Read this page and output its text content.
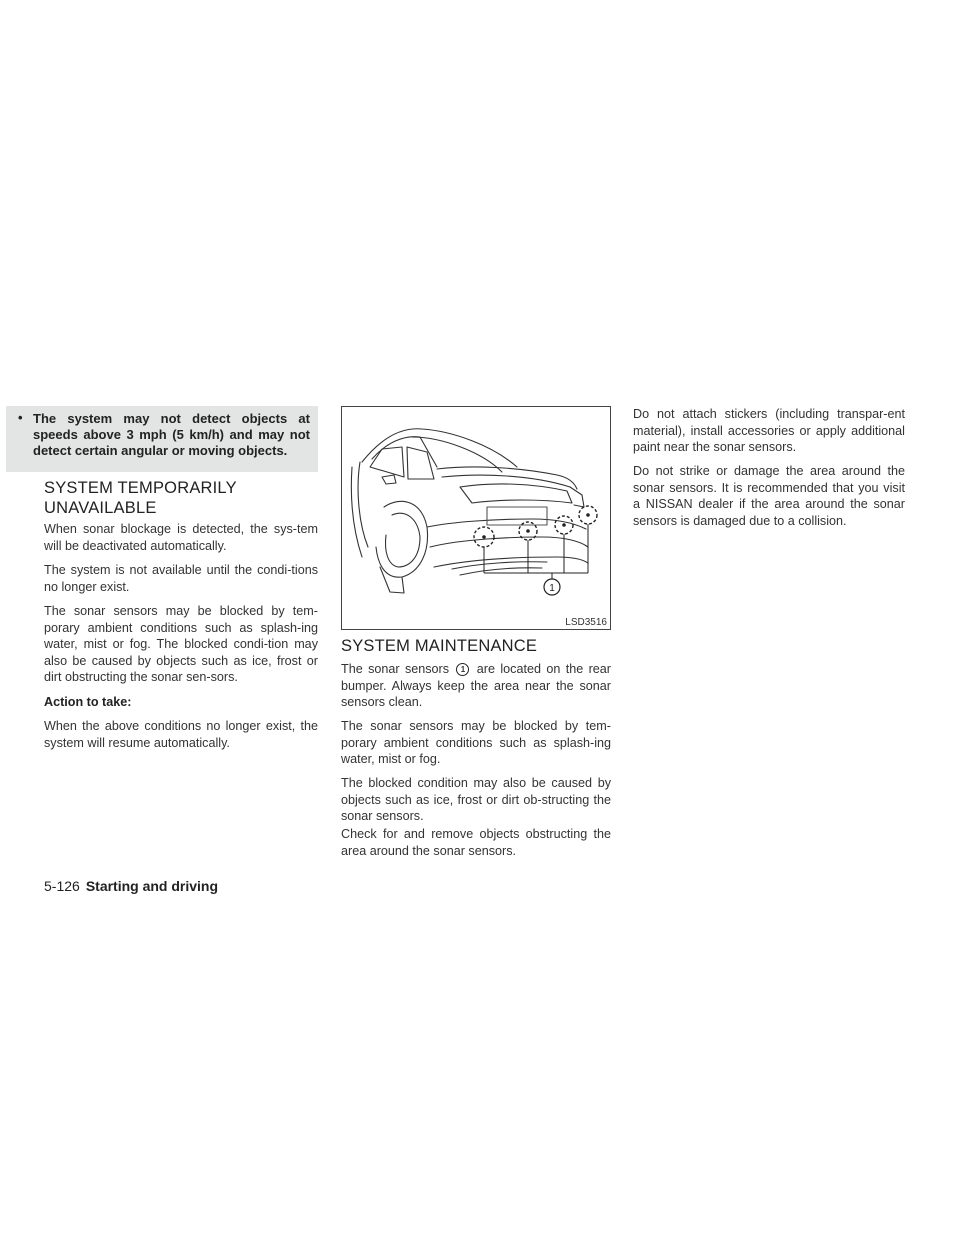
• The system may not detect objects at speeds above 3 mph (5 km/h) and may not detect certain angular or moving objects.
SYSTEM TEMPORARILY
UNAVAILABLE

When sonar blockage is detected, the sys-tem will be deactivated automatically.

The system is not available until the condi-tions no longer exist.

The sonar sensors may be blocked by tem-porary ambient conditions such as splash-ing water, mist or fog. The blocked condi-tion may also be caused by objects such as ice, frost or dirt obstructing the sonar sen-sors.

Action to take:

When the above conditions no longer exist, the system will resume automatically.

1
LSD3516
SYSTEM MAINTENANCE

The sonar sensors 1 are located on the rear bumper. Always keep the area near the sonar sensors clean.

The sonar sensors may be blocked by tem-porary ambient conditions such as splash-ing water, mist or fog.

The blocked condition may also be caused by objects such as ice, frost or dirt ob-structing the sonar sensors.

Check for and remove objects obstructing the area around the sonar sensors.

Do not attach stickers (including transpar-ent material), install accessories or apply additional paint near the sonar sensors.

Do not strike or damage the area around the sonar sensors. It is recommended that you visit a NISSAN dealer if the area around the sonar sensors is damaged due to a collision.

5-126 Starting and driving
